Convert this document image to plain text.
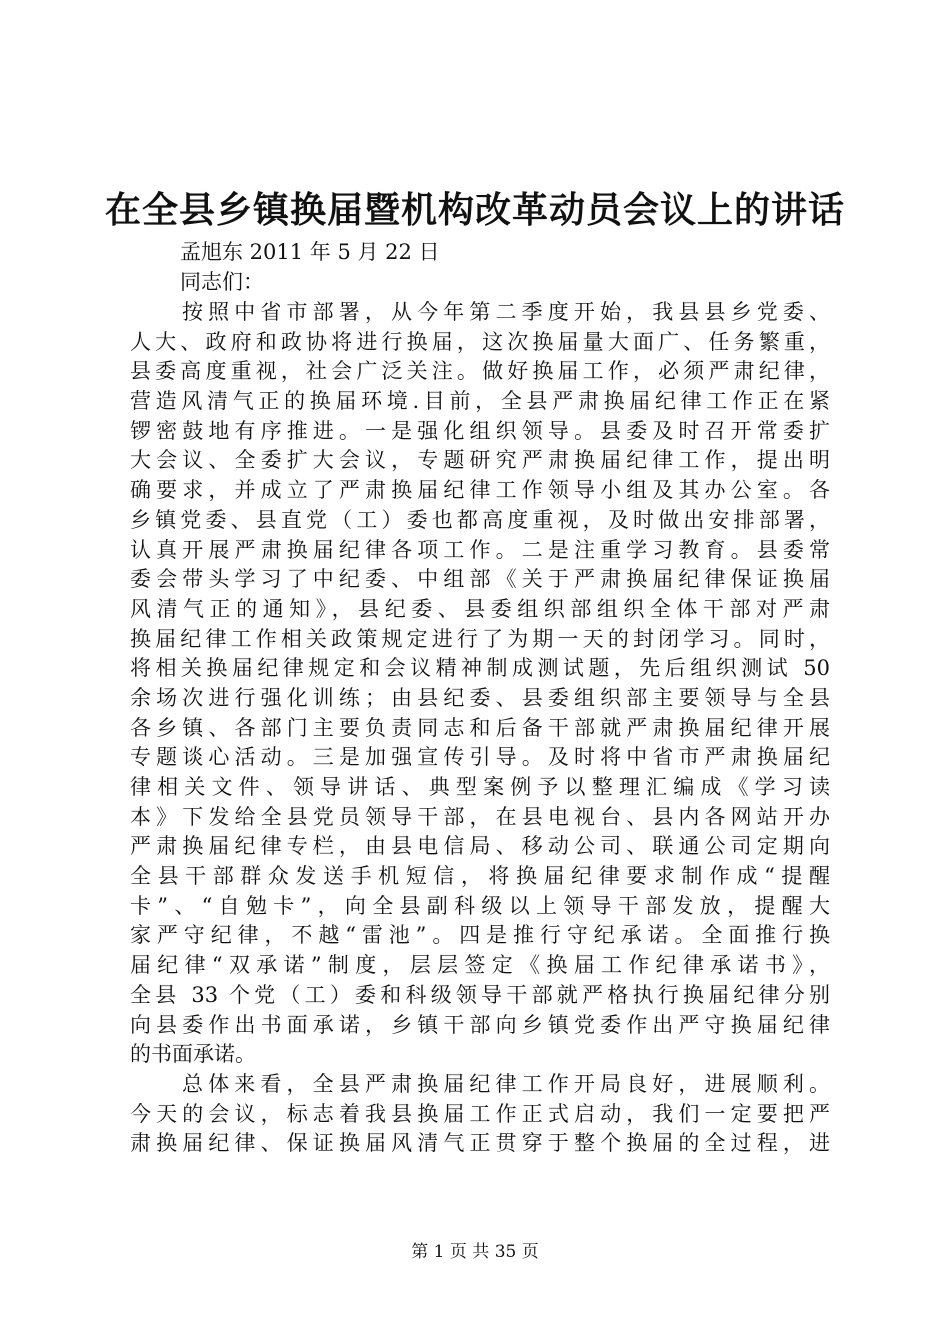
在全县乡镇换届暨机构改革动员会议上的讲话
孟旭东 2011 年 5 月 22 日
同志们：
按照中省市部署，从今年第二季度开始，我县县乡党委、
人大、政府和政协将进行换届，这次换届量大面广、任务繁重，
县委高度重视，社会广泛关注。做好换届工作，必须严肃纪律，
营造风清气正的换届环境.目前，全县严肃换届纪律工作正在紧
锣密鼓地有序推进。一是强化组织领导。县委及时召开常委扩
大会议、全委扩大会议，专题研究严肃换届纪律工作，提出明
确要求，并成立了严肃换届纪律工作领导小组及其办公室。各
乡镇党委、县直党（工）委也都高度重视，及时做出安排部署，
认真开展严肃换届纪律各项工作。二是注重学习教育。县委常
委会带头学习了中纪委、中组部《关于严肃换届纪律保证换届
风清气正的通知》，县纪委、县委组织部组织全体干部对严肃
换届纪律工作相关政策规定进行了为期一天的封闭学习。同时，
将相关换届纪律规定和会议精神制成测试题，先后组织测试 50
余场次进行强化训练；由县纪委、县委组织部主要领导与全县
各乡镇、各部门主要负责同志和后备干部就严肃换届纪律开展
专题谈心活动。三是加强宣传引导。及时将中省市严肃换届纪
律相关文件、领导讲话、典型案例予以整理汇编成《学习读
本》下发给全县党员领导干部，在县电视台、县内各网站开办
严肃换届纪律专栏，由县电信局、移动公司、联通公司定期向
全县干部群众发送手机短信，将换届纪律要求制作成“提醒
卡”、“自勉卡”，向全县副科级以上领导干部发放，提醒大
家严守纪律，不越“雷池”。四是推行守纪承诺。全面推行换
届纪律“双承诺”制度，层层签定《换届工作纪律承诺书》，
全县 33 个党（工）委和科级领导干部就严格执行换届纪律分别
向县委作出书面承诺，乡镇干部向乡镇党委作出严守换届纪律
的书面承诺。
总体来看，全县严肃换届纪律工作开局良好，进展顺利。
今天的会议，标志着我县换届工作正式启动，我们一定要把严
肃换届纪律、保证换届风清气正贯穿于整个换届的全过程，进
第 1 页 共 35 页
